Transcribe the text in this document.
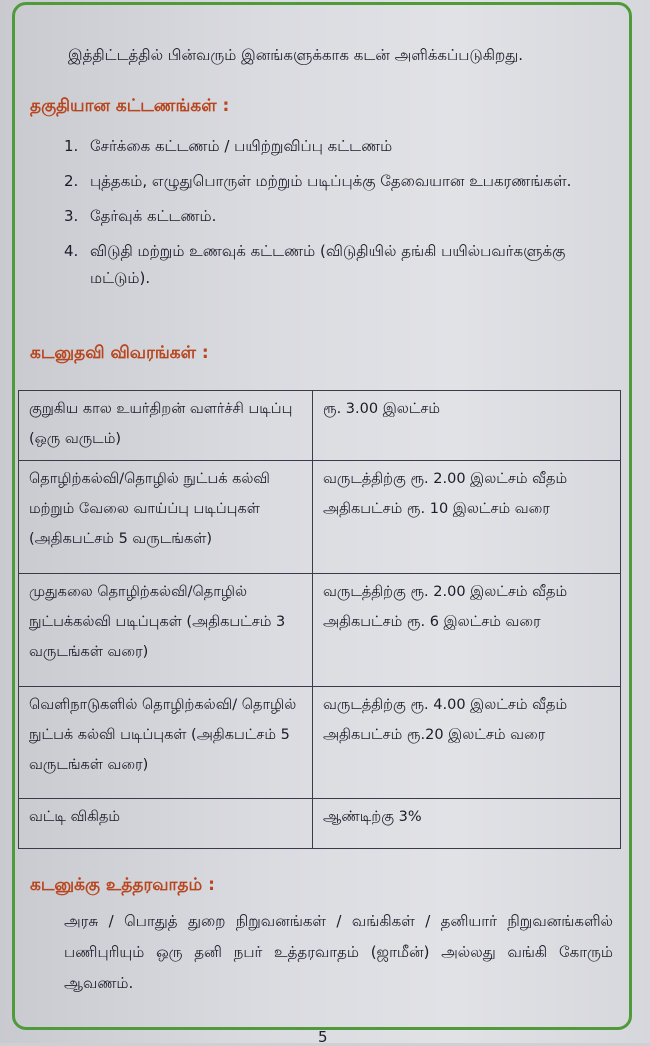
இத்திட்டத்தில் பின்வரும் இனங்களுக்காக கடன் அளிக்கப்படுகிறது.
தகுதியான கட்டணங்கள் :
1. சேர்க்கை கட்டணம் / பயிற்றுவிப்பு கட்டணம்
2. புத்தகம், எழுதுபொருள் மற்றும் படிப்புக்கு தேவையான உபகரணங்கள்.
3. தேர்வுக் கட்டணம்.
4. விடுதி மற்றும் உணவுக் கட்டணம் (விடுதியில் தங்கி பயில்பவர்களுக்கு மட்டும்).
கடனுதவி விவரங்கள் :
குறுகிய கால உயர்திறன் வளர்ச்சி படிப்பு (ஒரு வருடம்)	ரூ. 3.00 இலட்சம்
தொழிற்கல்வி/தொழில் நுட்பக் கல்வி மற்றும் வேலை வாய்ப்பு படிப்புகள் (அதிகபட்சம் 5 வருடங்கள்)	வருடத்திற்கு ரூ. 2.00 இலட்சம் வீதம் அதிகபட்சம் ரூ. 10 இலட்சம் வரை
முதுகலை தொழிற்கல்வி/தொழில் நுட்பக்கல்வி படிப்புகள் (அதிகபட்சம் 3 வருடங்கள் வரை)	வருடத்திற்கு ரூ. 2.00 இலட்சம் வீதம் அதிகபட்சம் ரூ. 6 இலட்சம் வரை
வெளிநாடுகளில் தொழிற்கல்வி/ தொழில் நுட்பக் கல்வி படிப்புகள் (அதிகபட்சம் 5 வருடங்கள் வரை)	வருடத்திற்கு ரூ. 4.00 இலட்சம் வீதம் அதிகபட்சம் ரூ.20 இலட்சம் வரை
வட்டி விகிதம்	ஆண்டிற்கு 3%
கடனுக்கு உத்தரவாதம் :
அரசு / பொதுத் துறை நிறுவனங்கள் / வங்கிகள் / தனியார் நிறுவனங்களில் பணிபுரியும் ஒரு தனி நபர் உத்தரவாதம் (ஜாமீன்) அல்லது வங்கி கோரும் ஆவணம்.
5
